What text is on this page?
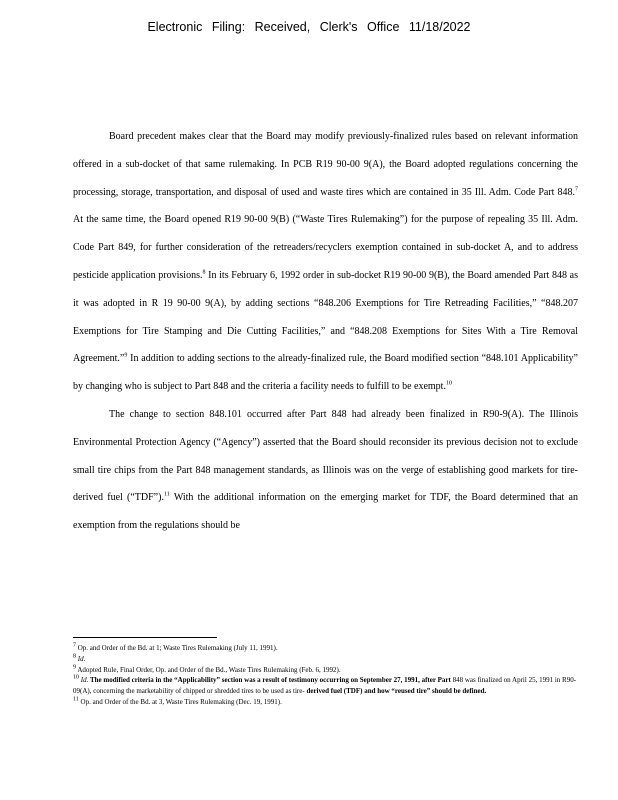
Electronic Filing: Received, Clerk's Office 11/18/2022

Board precedent makes clear that the Board may modify previously-finalized rules based on relevant information offered in a sub-docket of that same rulemaking. In PCB R19 90-00 9(A), the Board adopted regulations concerning the processing, storage, transportation, and disposal of used and waste tires which are contained in 35 Ill. Adm. Code Part 848.$^7$ At the same time, the Board opened R19 90-00 9(B) (“Waste Tires Rulemaking”) for the purpose of repealing 35 Ill. Adm. Code Part 849, for further consideration of the retreaders/recyclers exemption contained in sub-docket A, and to address pesticide application provisions.$^8$ In its February 6, 1992 order in sub-docket R19 90-00 9(B), the Board amended Part 848 as it was adopted in R 19 90-00 9(A), by adding sections “848.206 Exemptions for Tire Retreading Facilities,” “848.207 Exemptions for Tire Stamping and Die Cutting Facilities,” and “848.208 Exemptions for Sites With a Tire Removal Agreement.”$^9$ In addition to adding sections to the already-finalized rule, the Board modified section “848.101 Applicability” by changing who is subject to Part 848 and the criteria a facility needs to fulfill to be exempt.$^{10}$

The change to section 848.101 occurred after Part 848 had already been finalized in R90-9(A). The Illinois Environmental Protection Agency (“Agency”) asserted that the Board should reconsider its previous decision not to exclude small tire chips from the Part 848 management standards, as Illinois was on the verge of establishing good markets for tire-derived fuel (“TDF”).$^{11}$ With the additional information on the emerging market for TDF, the Board determined that an exemption from the regulations should be

$^7$ Op. and Order of the Bd. at 1; Waste Tires Rulemaking (July 11, 1991).

$^8$ Id.

$^9$ Adopted Rule, Final Order, Op. and Order of the Bd., Waste Tires Rulemaking (Feb. 6, 1992).

$^{10}$ Id. The modified criteria in the “Applicability” section was a result of testimony occurring on September 27, 1991, after Part 848 was finalized on April 25, 1991 in R90-09(A), concerning the marketability of chipped or shredded tires to be used as tire- derived fuel (TDF) and how “reused tire” should be defined.

$^{11}$ Op. and Order of the Bd. at 3, Waste Tires Rulemaking (Dec. 19, 1991).
